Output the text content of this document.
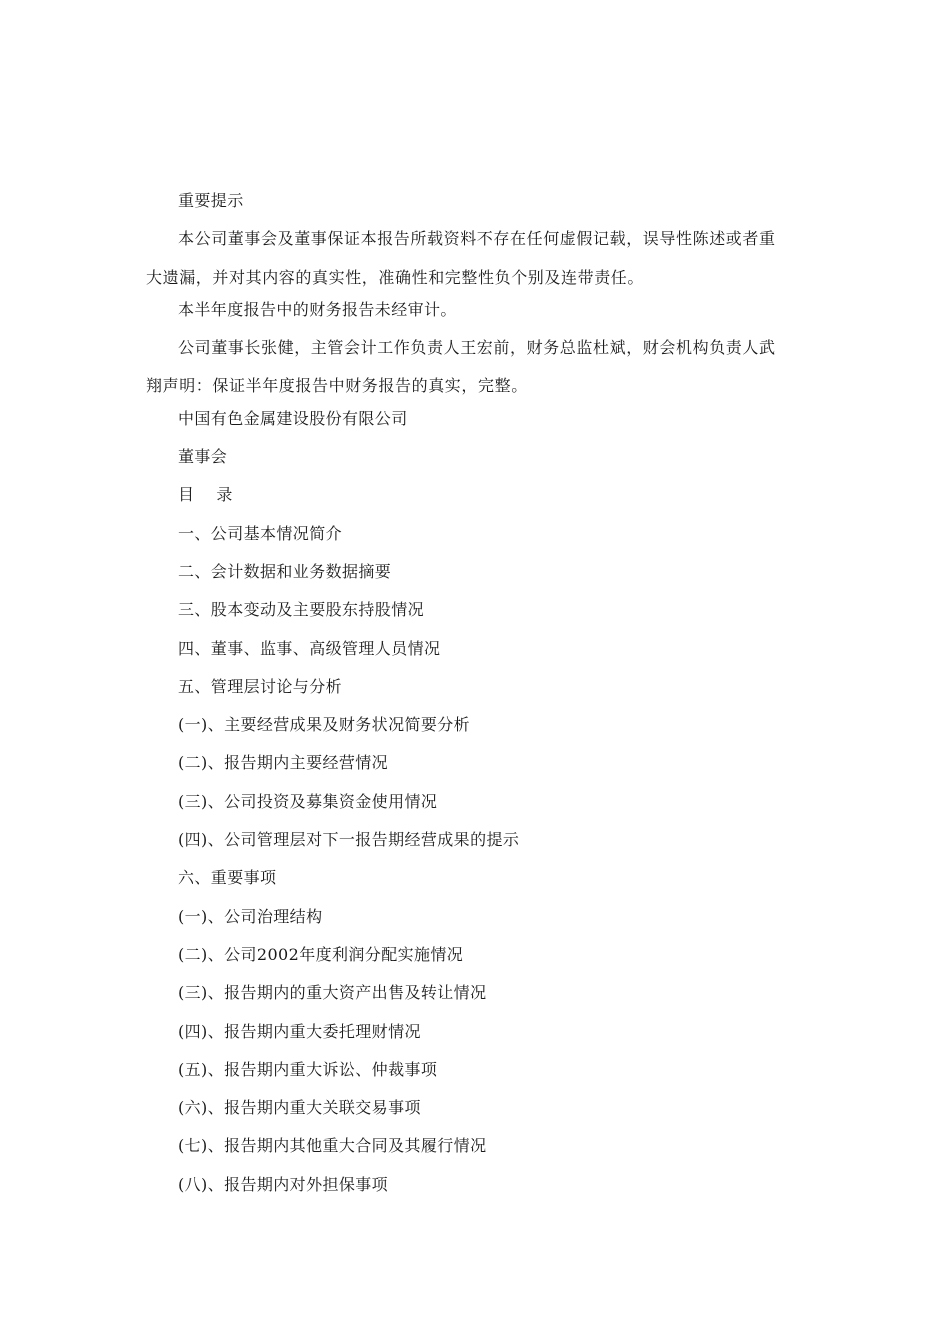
重要提示
本公司董事会及董事保证本报告所载资料不存在任何虚假记载，误导性陈述或者重大遗漏，并对其内容的真实性，准确性和完整性负个别及连带责任。
本半年度报告中的财务报告未经审计。
公司董事长张健，主管会计工作负责人王宏前，财务总监杜斌，财会机构负责人武翔声明：保证半年度报告中财务报告的真实，完整。
中国有色金属建设股份有限公司
董事会
目 录
一、公司基本情况简介
二、会计数据和业务数据摘要
三、股本变动及主要股东持股情况
四、董事、监事、高级管理人员情况
五、管理层讨论与分析
(一)、主要经营成果及财务状况简要分析
(二)、报告期内主要经营情况
(三)、公司投资及募集资金使用情况
(四)、公司管理层对下一报告期经营成果的提示
六、重要事项
(一)、公司治理结构
(二)、公司2002年度利润分配实施情况
(三)、报告期内的重大资产出售及转让情况
(四)、报告期内重大委托理财情况
(五)、报告期内重大诉讼、仲裁事项
(六)、报告期内重大关联交易事项
(七)、报告期内其他重大合同及其履行情况
(八)、报告期内对外担保事项
